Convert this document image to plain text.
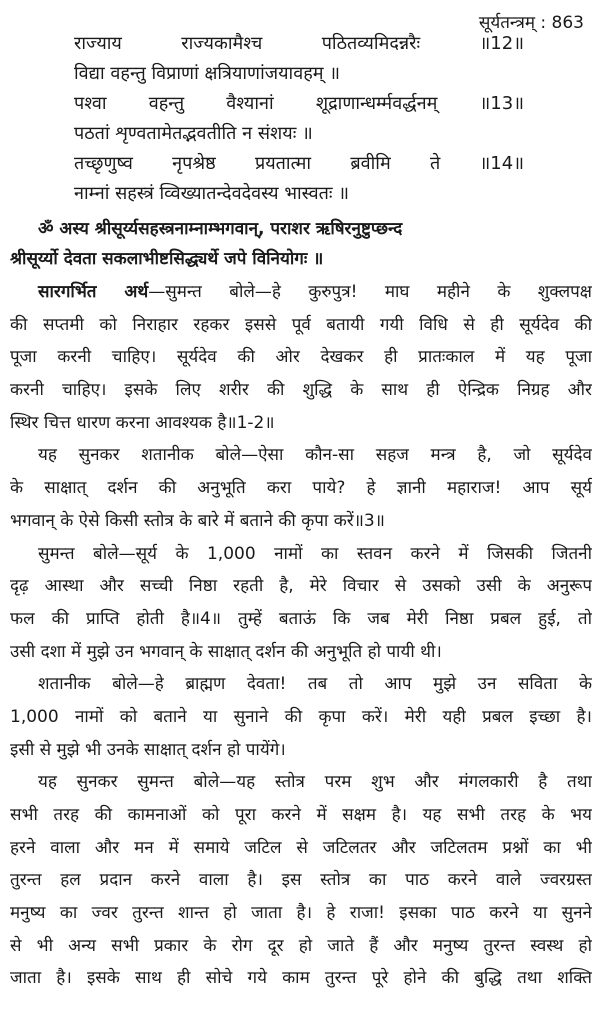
सूर्यतन्त्रम् : 863
राज्याय राज्यकामैश्च पठितव्यमिदन्नरैः ॥12॥
विद्या वहन्तु विप्राणां क्षत्रियाणांजयावहम् ॥
पश्वा वहन्तु वैश्यानां शूद्राणान्धर्म्मवर्द्धनम् ॥13॥
पठतां शृण्वतामेतद्भवतीति न संशयः ॥
तच्छृणुष्व नृपश्रेष्ठ प्रयतात्मा ब्रवीमि ते ॥14॥
नाम्नां सहस्त्रं व्विख्यातन्देवदेवस्य भास्वतः ॥
ॐ अस्य श्रीसूर्य्यसहस्त्रनाम्नाम्भगवान्, पराशर ऋषिरनुष्टुप्छन्द
श्रीसूर्य्यो देवता सकलाभीष्टसिद्ध्यर्थे जपे विनियोगः ॥
सारगर्भित अर्थ—सुमन्त बोले—हे कुरुपुत्र! माघ महीने के शुक्लपक्ष
की सप्तमी को निराहार रहकर इससे पूर्व बतायी गयी विधि से ही सूर्यदेव की
पूजा करनी चाहिए। सूर्यदेव की ओर देखकर ही प्रातःकाल में यह पूजा
करनी चाहिए। इसके लिए शरीर की शुद्धि के साथ ही ऐन्द्रिक निग्रह और
स्थिर चित्त धारण करना आवश्यक है॥1-2॥
यह सुनकर शतानीक बोले—ऐसा कौन-सा सहज मन्त्र है, जो सूर्यदेव
के साक्षात् दर्शन की अनुभूति करा पाये? हे ज्ञानी महाराज! आप सूर्य
भगवान् के ऐसे किसी स्तोत्र के बारे में बताने की कृपा करें॥3॥
सुमन्त बोले—सूर्य के 1,000 नामों का स्तवन करने में जिसकी जितनी
दृढ़ आस्था और सच्ची निष्ठा रहती है, मेरे विचार से उसको उसी के अनुरूप
फल की प्राप्ति होती है॥4॥ तुम्हें बताऊं कि जब मेरी निष्ठा प्रबल हुई, तो
उसी दशा में मुझे उन भगवान् के साक्षात् दर्शन की अनुभूति हो पायी थी।
शतानीक बोले—हे ब्राह्मण देवता! तब तो आप मुझे उन सविता के
1,000 नामों को बताने या सुनाने की कृपा करें। मेरी यही प्रबल इच्छा है।
इसी से मुझे भी उनके साक्षात् दर्शन हो पायेंगे।
यह सुनकर सुमन्त बोले—यह स्तोत्र परम शुभ और मंगलकारी है तथा
सभी तरह की कामनाओं को पूरा करने में सक्षम है। यह सभी तरह के भय
हरने वाला और मन में समाये जटिल से जटिलतर और जटिलतम प्रश्नों का भी
तुरन्त हल प्रदान करने वाला है। इस स्तोत्र का पाठ करने वाले ज्वरग्रस्त
मनुष्य का ज्वर तुरन्त शान्त हो जाता है। हे राजा! इसका पाठ करने या सुनने
से भी अन्य सभी प्रकार के रोग दूर हो जाते हैं और मनुष्य तुरन्त स्वस्थ हो
जाता है। इसके साथ ही सोचे गये काम तुरन्त पूरे होने की बुद्धि तथा शक्ति
